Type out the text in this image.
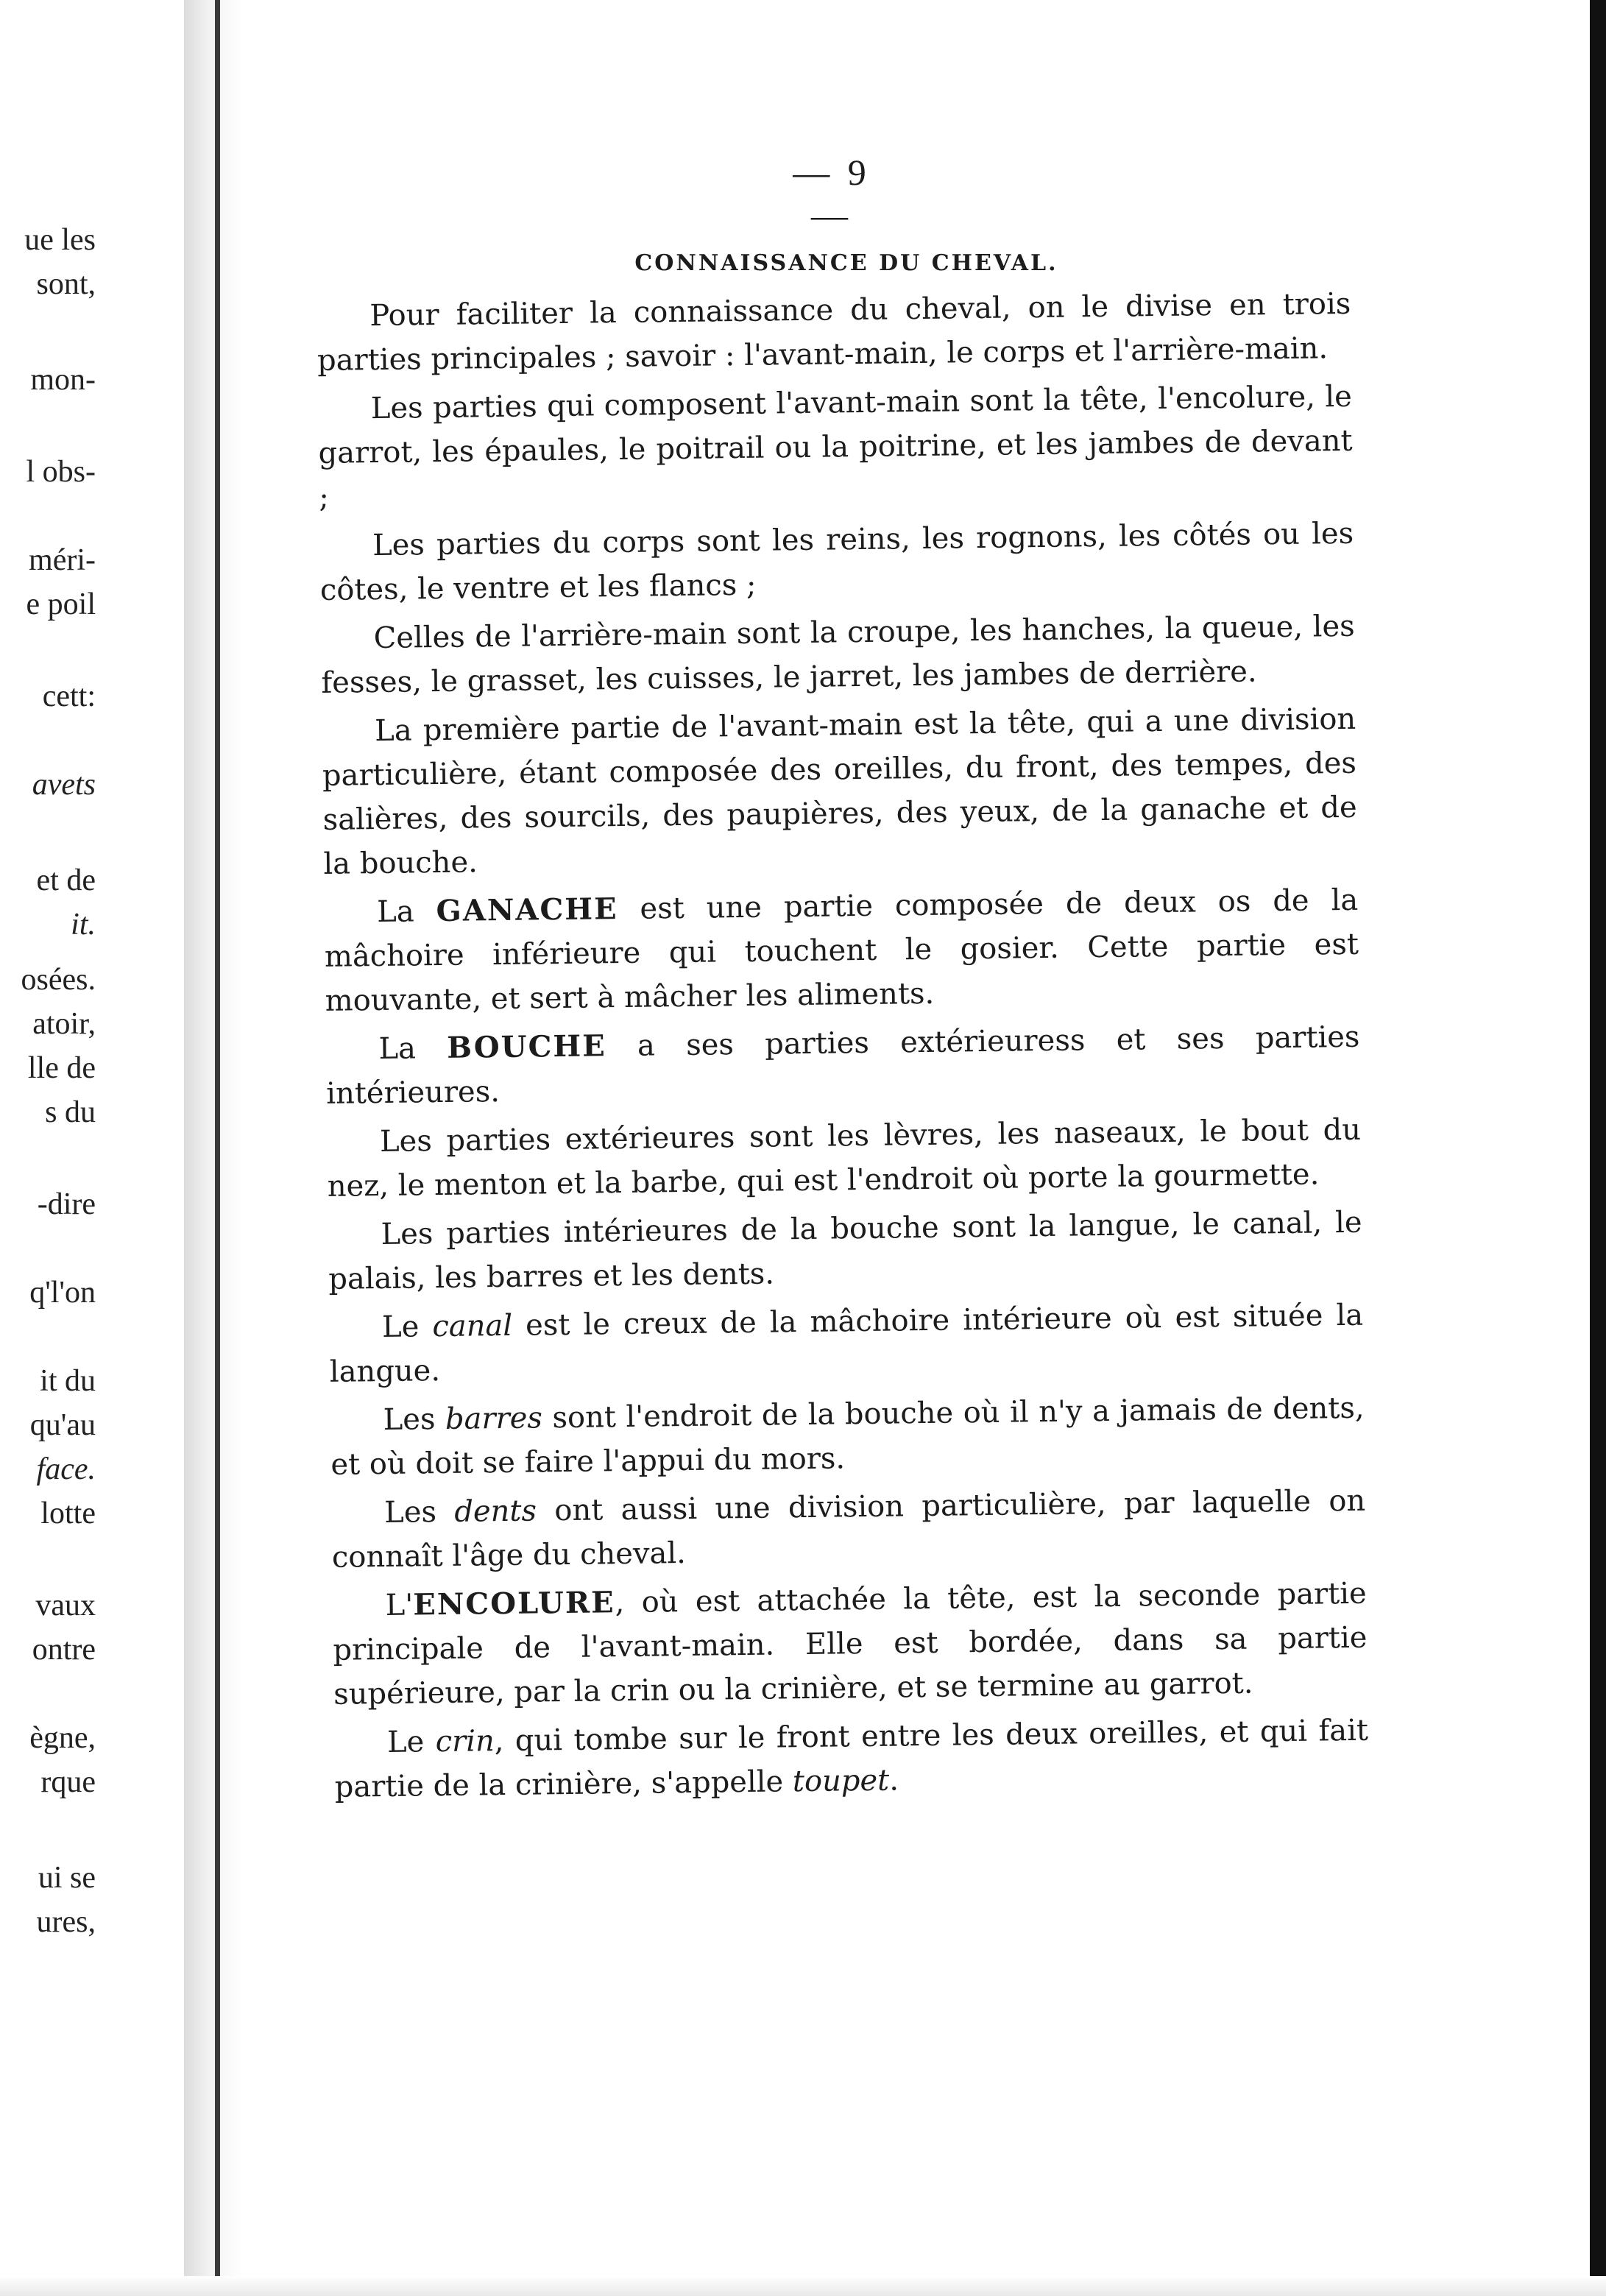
ue les
sont,
mon-
l obs-
méri-
e poil
cett:
avets
et de
it.
osées.
atoir,
lle de
s du
-dire
q'l'on
it du
qu'au
face.
lotte
vaux
ontre
ègne,
rque
ui se
ures,
— 9 —
CONNAISSANCE DU CHEVAL.

Pour faciliter la connaissance du cheval, on le divise en trois parties principales ; savoir : l'avant-main, le corps et l'arrière-main.

Les parties qui composent l'avant-main sont la tête, l'encolure, le garrot, les épaules, le poitrail ou la poitrine, et les jambes de devant ;

Les parties du corps sont les reins, les rognons, les côtés ou les côtes, le ventre et les flancs ;

Celles de l'arrière-main sont la croupe, les hanches, la queue, les fesses, le grasset, les cuisses, le jarret, les jambes de derrière.

La première partie de l'avant-main est la tête, qui a une division particulière, étant composée des oreilles, du front, des tempes, des salières, des sourcils, des paupières, des yeux, de la ganache et de la bouche.

La GANACHE est une partie composée de deux os de la mâchoire inférieure qui touchent le gosier. Cette partie est mouvante, et sert à mâcher les aliments.

La BOUCHE a ses parties extérieuress et ses parties intérieures.

Les parties extérieures sont les lèvres, les naseaux, le bout du nez, le menton et la barbe, qui est l'endroit où porte la gourmette.

Les parties intérieures de la bouche sont la langue, le canal, le palais, les barres et les dents.

Le canal est le creux de la mâchoire intérieure où est située la langue.

Les barres sont l'endroit de la bouche où il n'y a jamais de dents, et où doit se faire l'appui du mors.

Les dents ont aussi une division particulière, par laquelle on connaît l'âge du cheval.

L'ENCOLURE, où est attachée la tête, est la seconde partie principale de l'avant-main. Elle est bordée, dans sa partie supérieure, par la crin ou la crinière, et se termine au garrot.

Le crin, qui tombe sur le front entre les deux oreilles, et qui fait partie de la crinière, s'appelle toupet.
